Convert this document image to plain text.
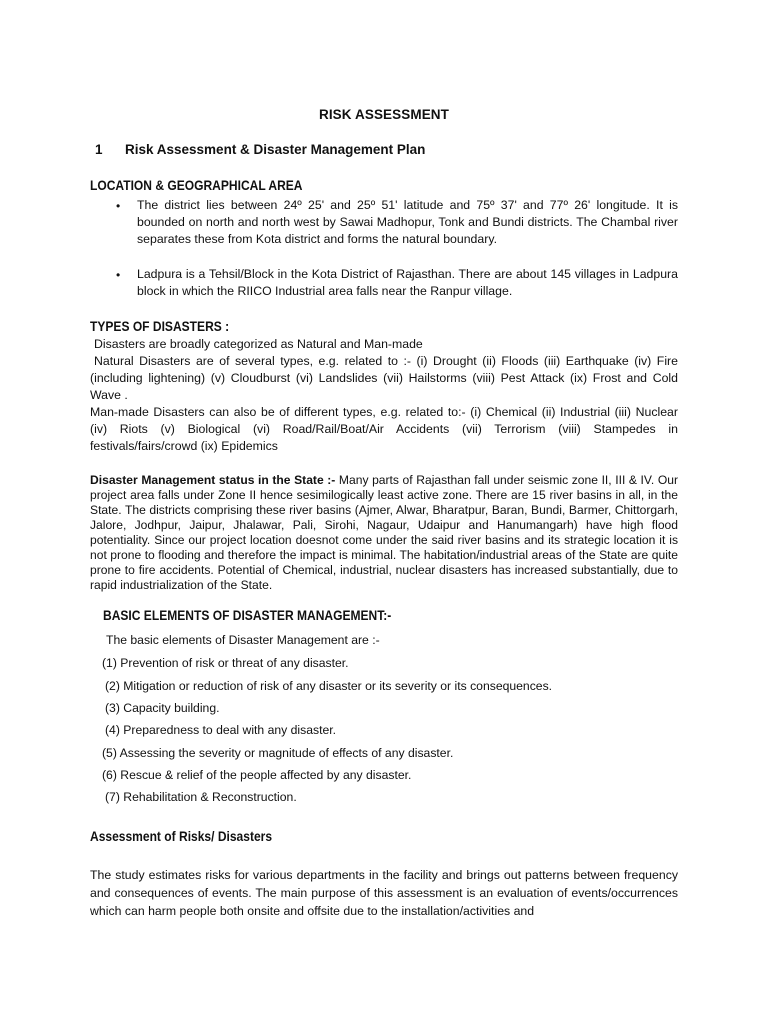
RISK ASSESSMENT
1 Risk Assessment & Disaster Management Plan
LOCATION & GEOGRAPHICAL AREA
• The district lies between 24º 25' and 25º 51' latitude and 75º 37' and 77º 26' longitude. It is bounded on north and north west by Sawai Madhopur, Tonk and Bundi districts. The Chambal river separates these from Kota district and forms the natural boundary.
• Ladpura is a Tehsil/Block in the Kota District of Rajasthan. There are about 145 villages in Ladpura block in which the RIICO Industrial area falls near the Ranpur village.
TYPES OF DISASTERS :
Disasters are broadly categorized as Natural and Man-made
Natural Disasters are of several types, e.g. related to :- (i) Drought (ii) Floods (iii) Earthquake (iv) Fire (including lightening) (v) Cloudburst (vi) Landslides (vii) Hailstorms (viii) Pest Attack (ix) Frost and Cold Wave .
Man-made Disasters can also be of different types, e.g. related to:- (i) Chemical (ii) Industrial (iii) Nuclear (iv) Riots (v) Biological (vi) Road/Rail/Boat/Air Accidents (vii) Terrorism (viii) Stampedes in festivals/fairs/crowd (ix) Epidemics
Disaster Management status in the State :- Many parts of Rajasthan fall under seismic zone II, III & IV. Our project area falls under Zone II hence sesimilogically least active zone. There are 15 river basins in all, in the State. The districts comprising these river basins (Ajmer, Alwar, Bharatpur, Baran, Bundi, Barmer, Chittorgarh, Jalore, Jodhpur, Jaipur, Jhalawar, Pali, Sirohi, Nagaur, Udaipur and Hanumangarh) have high flood potentiality. Since our project location doesnot come under the said river basins and its strategic location it is not prone to flooding and therefore the impact is minimal. The habitation/industrial areas of the State are quite prone to fire accidents. Potential of Chemical, industrial, nuclear disasters has increased substantially, due to rapid industrialization of the State.
BASIC ELEMENTS OF DISASTER MANAGEMENT:-
The basic elements of Disaster Management are :-
(1) Prevention of risk or threat of any disaster.
(2) Mitigation or reduction of risk of any disaster or its severity or its consequences.
(3) Capacity building.
(4) Preparedness to deal with any disaster.
(5) Assessing the severity or magnitude of effects of any disaster.
(6) Rescue & relief of the people affected by any disaster.
(7) Rehabilitation & Reconstruction.
Assessment of Risks/ Disasters
The study estimates risks for various departments in the facility and brings out patterns between frequency and consequences of events. The main purpose of this assessment is an evaluation of events/occurrences which can harm people both onsite and offsite due to the installation/activities and
